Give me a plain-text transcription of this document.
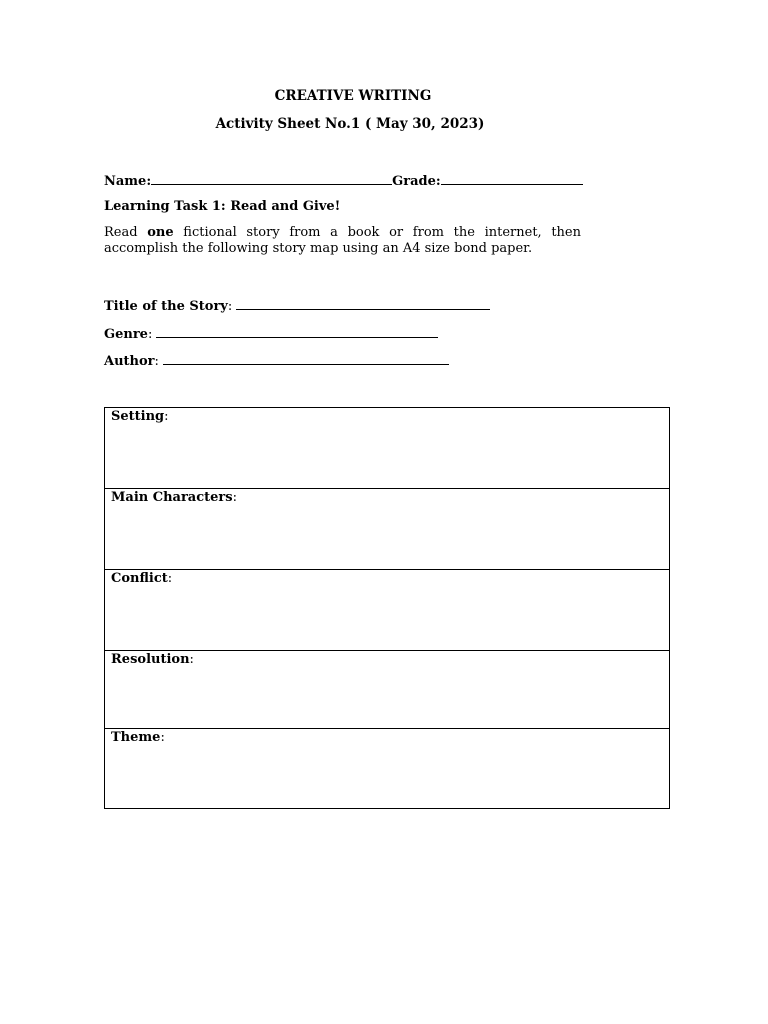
CREATIVE WRITING
Activity Sheet No.1 ( May 30, 2023)
Name:	Grade:
Learning Task 1: Read and Give!
Read one fictional story from a book or from the internet, then accomplish the following story map using an A4 size bond paper.
Title of the Story:
Genre:
Author:
Setting:
Main Characters:
Conflict:
Resolution:
Theme:
